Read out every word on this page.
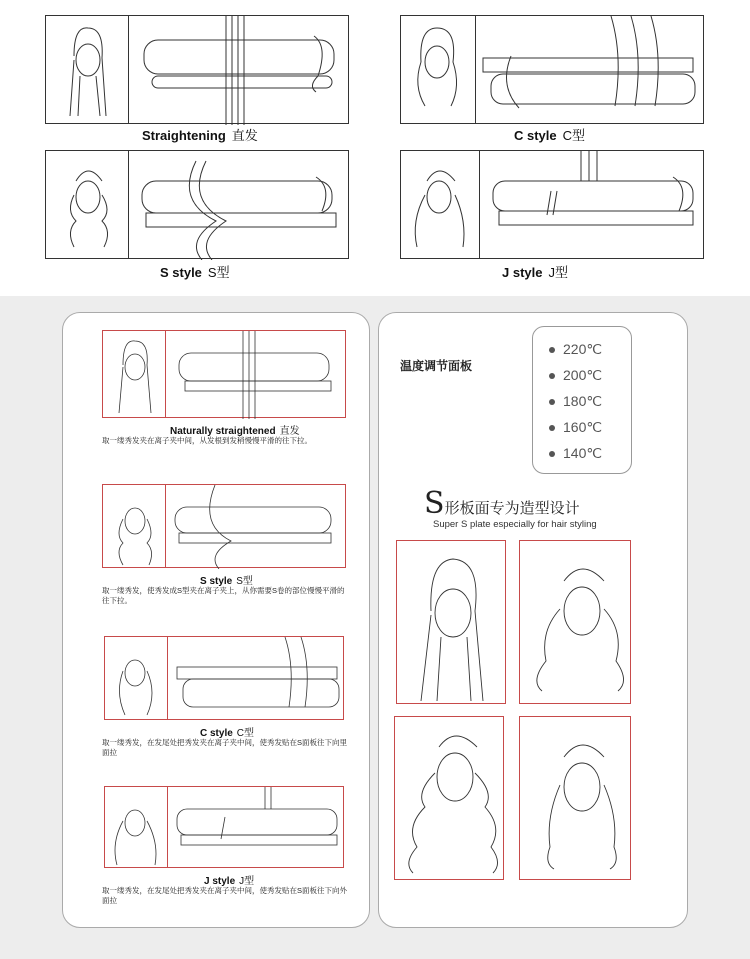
Straightening 直发	C style C型
S style S型	J style J型
Naturally straightened 直发
取一缕秀发夹在离子夹中间，从发根到发稍慢慢平滑的往下拉。
S style S型
取一缕秀发，使秀发成S型夹在离子夹上，从你需要S卷的部位慢慢平滑的往下拉。
C style C型
取一缕秀发，在发尾处把秀发夹在离子夹中间，使秀发贴在S面板往下向里面拉
J style J型
取一缕秀发，在发尾处把秀发夹在离子夹中间，使秀发贴在S面板往下向外面拉
温度调节面板
220℃
200℃
180℃
160℃
140℃
S形板面专为造型设计
Super S plate especially for hair styling
